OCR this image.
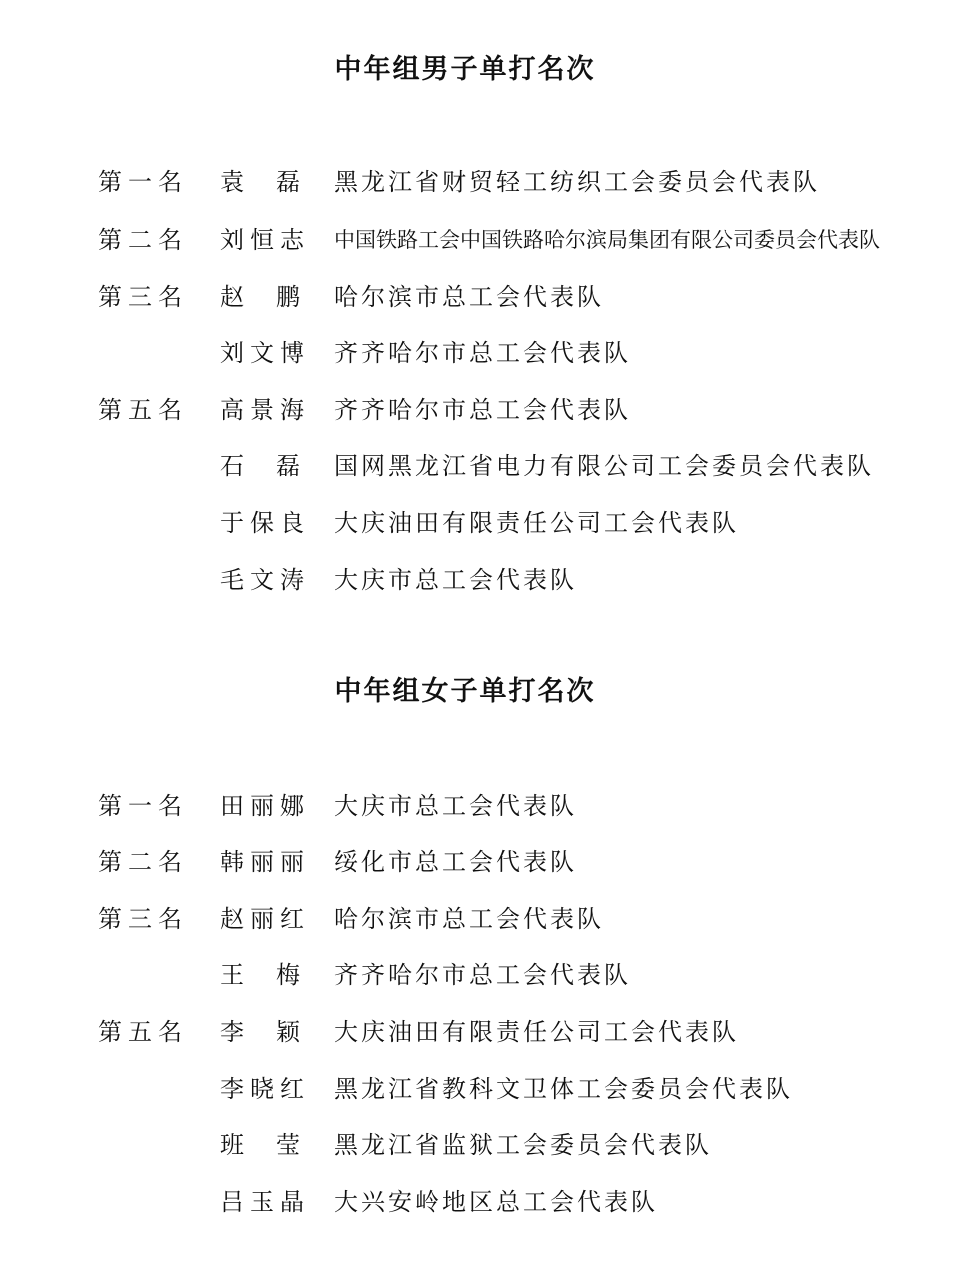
中年组男子单打名次
第一名 袁磊 黑龙江省财贸轻工纺织工会委员会代表队
第二名 刘恒志 中国铁路工会中国铁路哈尔滨局集团有限公司委员会代表队
第三名 赵鹏 哈尔滨市总工会代表队
刘文博 齐齐哈尔市总工会代表队
第五名 高景海 齐齐哈尔市总工会代表队
石磊 国网黑龙江省电力有限公司工会委员会代表队
于保良 大庆油田有限责任公司工会代表队
毛文涛 大庆市总工会代表队
中年组女子单打名次
第一名 田丽娜 大庆市总工会代表队
第二名 韩丽丽 绥化市总工会代表队
第三名 赵丽红 哈尔滨市总工会代表队
王梅 齐齐哈尔市总工会代表队
第五名 李颖 大庆油田有限责任公司工会代表队
李晓红 黑龙江省教科文卫体工会委员会代表队
班莹 黑龙江省监狱工会委员会代表队
吕玉晶 大兴安岭地区总工会代表队
